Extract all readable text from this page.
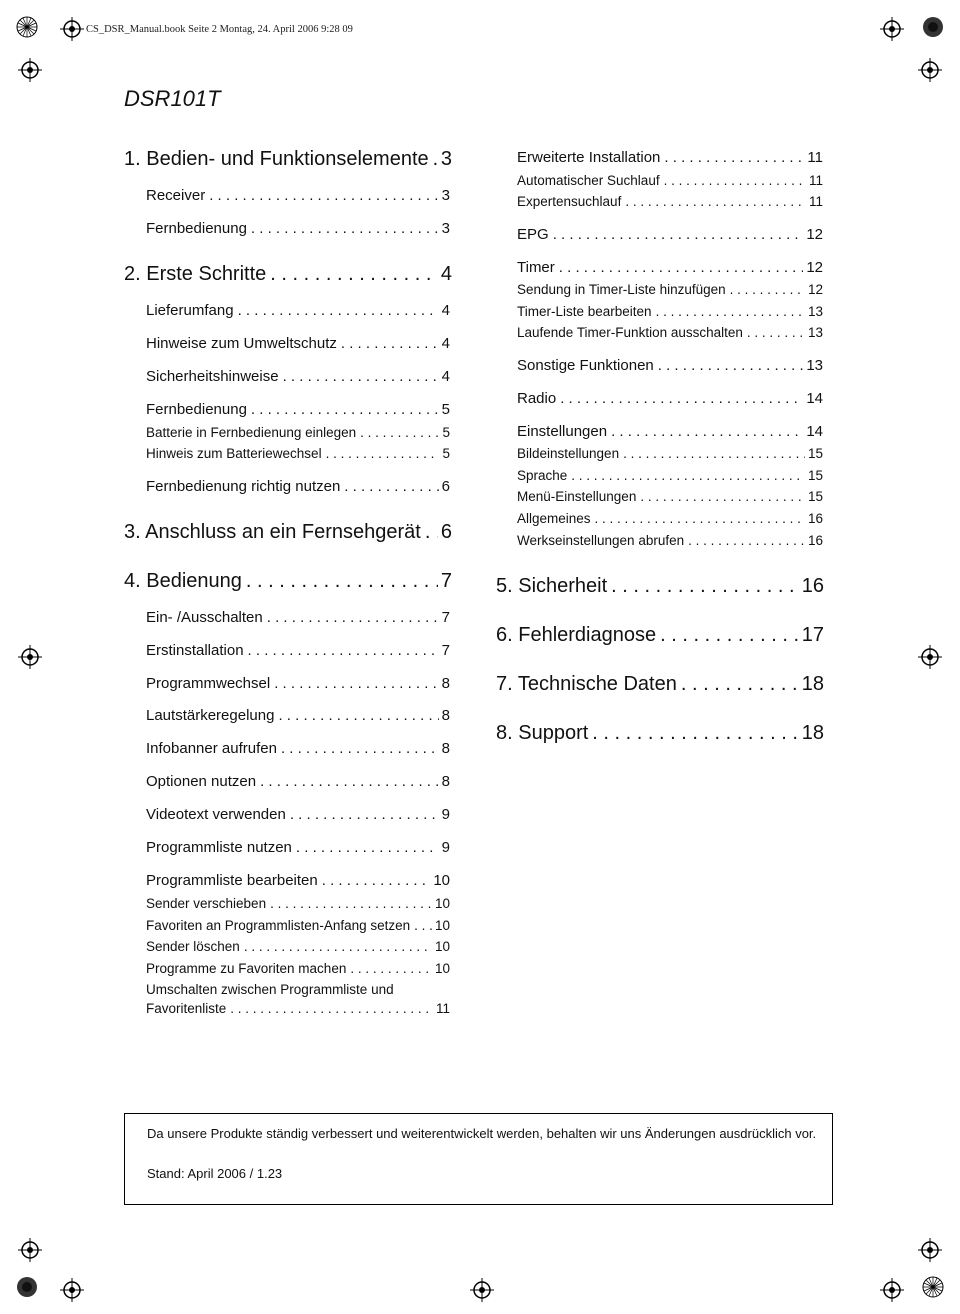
CS_DSR_Manual.book Seite 2 Montag, 24. April 2006 9:28 09
DSR101T
1. Bedien- und Funktionselemente . . . 3
Receiver . . .	3
Fernbedienung . . .	3
2. Erste Schritte . . .	4
Lieferumfang . . .	4
Hinweise zum Umweltschutz . . .	4
Sicherheitshinweise . . .	4
Fernbedienung . . .	5
Batterie in Fernbedienung einlegen . . .	5
Hinweis zum Batteriewechsel . . .	5
Fernbedienung richtig nutzen . . .	6
3. Anschluss an ein Fernsehgerät . . . 6
4. Bedienung . . .	7
Ein- /Ausschalten . . .	7
Erstinstallation . . .	7
Programmwechsel . . .	8
Lautstärkeregelung . . .	8
Infobanner aufrufen . . .	8
Optionen nutzen . . .	8
Videotext verwenden . . .	9
Programmliste nutzen . . .	9
Programmliste bearbeiten . . .	10
Sender verschieben . . .	10
Favoriten an Programmlisten-Anfang setzen . . . 10
Sender löschen . . .	10
Programme zu Favoriten machen . . .	10
Umschalten zwischen Programmliste und
Favoritenliste . . .	11
Erweiterte Installation . . .	11
Automatischer Suchlauf . . .	11
Expertensuchlauf . . .	11
EPG . . .	12
Timer . . .	12
Sendung in Timer-Liste hinzufügen . . .	12
Timer-Liste bearbeiten . . .	13
Laufende Timer-Funktion ausschalten . . .	13
Sonstige Funktionen . . .	13
Radio . . .	14
Einstellungen . . .	14
Bildeinstellungen . . .	15
Sprache . . .	15
Menü-Einstellungen . . .	15
Allgemeines . . .	16
Werkseinstellungen abrufen . . .	16
5. Sicherheit . . .	16
6. Fehlerdiagnose . . .	17
7. Technische Daten . . .	18
8. Support . . .	18
Da unsere Produkte ständig verbessert und weiterentwickelt werden, behalten wir uns Änderungen ausdrücklich vor.
Stand: April 2006 / 1.23
